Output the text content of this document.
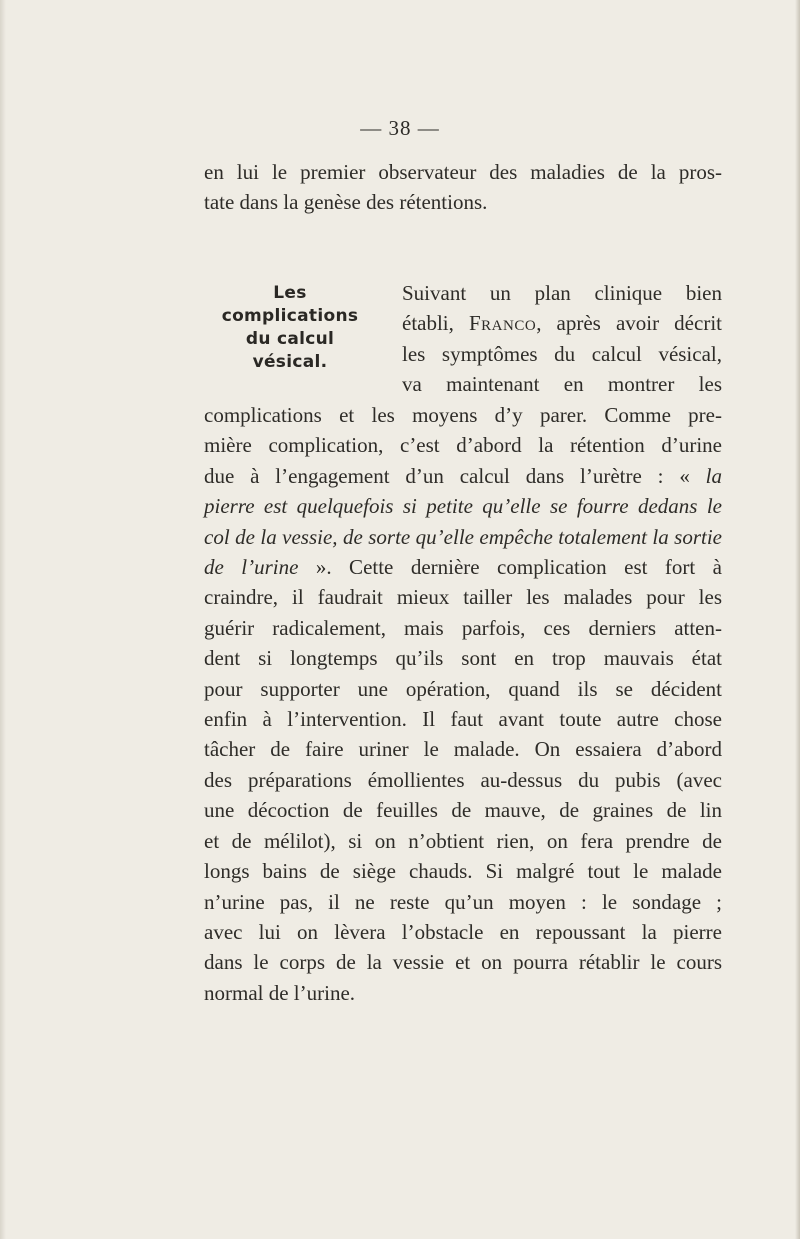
— 38 —
en lui le premier observateur des maladies de la pros-
tate dans la genèse des rétentions.
Les
complications
du calcul
vésical.
Suivant un plan clinique bien
établi, Franco, après avoir décrit
les symptômes du calcul vésical,
va maintenant en montrer les
complications et les moyens d’y parer. Comme pre-
mière complication, c’est d’abord la rétention d’urine
due à l’engagement d’un calcul dans l’urètre : « la
pierre est quelquefois si petite qu’elle se fourre dedans le
col de la vessie, de sorte qu’elle empêche totalement la sortie
de l’urine ». Cette dernière complication est fort à
craindre, il faudrait mieux tailler les malades pour les
guérir radicalement, mais parfois, ces derniers atten-
dent si longtemps qu’ils sont en trop mauvais état
pour supporter une opération, quand ils se décident
enfin à l’intervention. Il faut avant toute autre chose
tâcher de faire uriner le malade. On essaiera d’abord
des préparations émollientes au-dessus du pubis (avec
une décoction de feuilles de mauve, de graines de lin
et de mélilot), si on n’obtient rien, on fera prendre de
longs bains de siège chauds. Si malgré tout le malade
n’urine pas, il ne reste qu’un moyen : le sondage ;
avec lui on lèvera l’obstacle en repoussant la pierre
dans le corps de la vessie et on pourra rétablir le cours
normal de l’urine.
